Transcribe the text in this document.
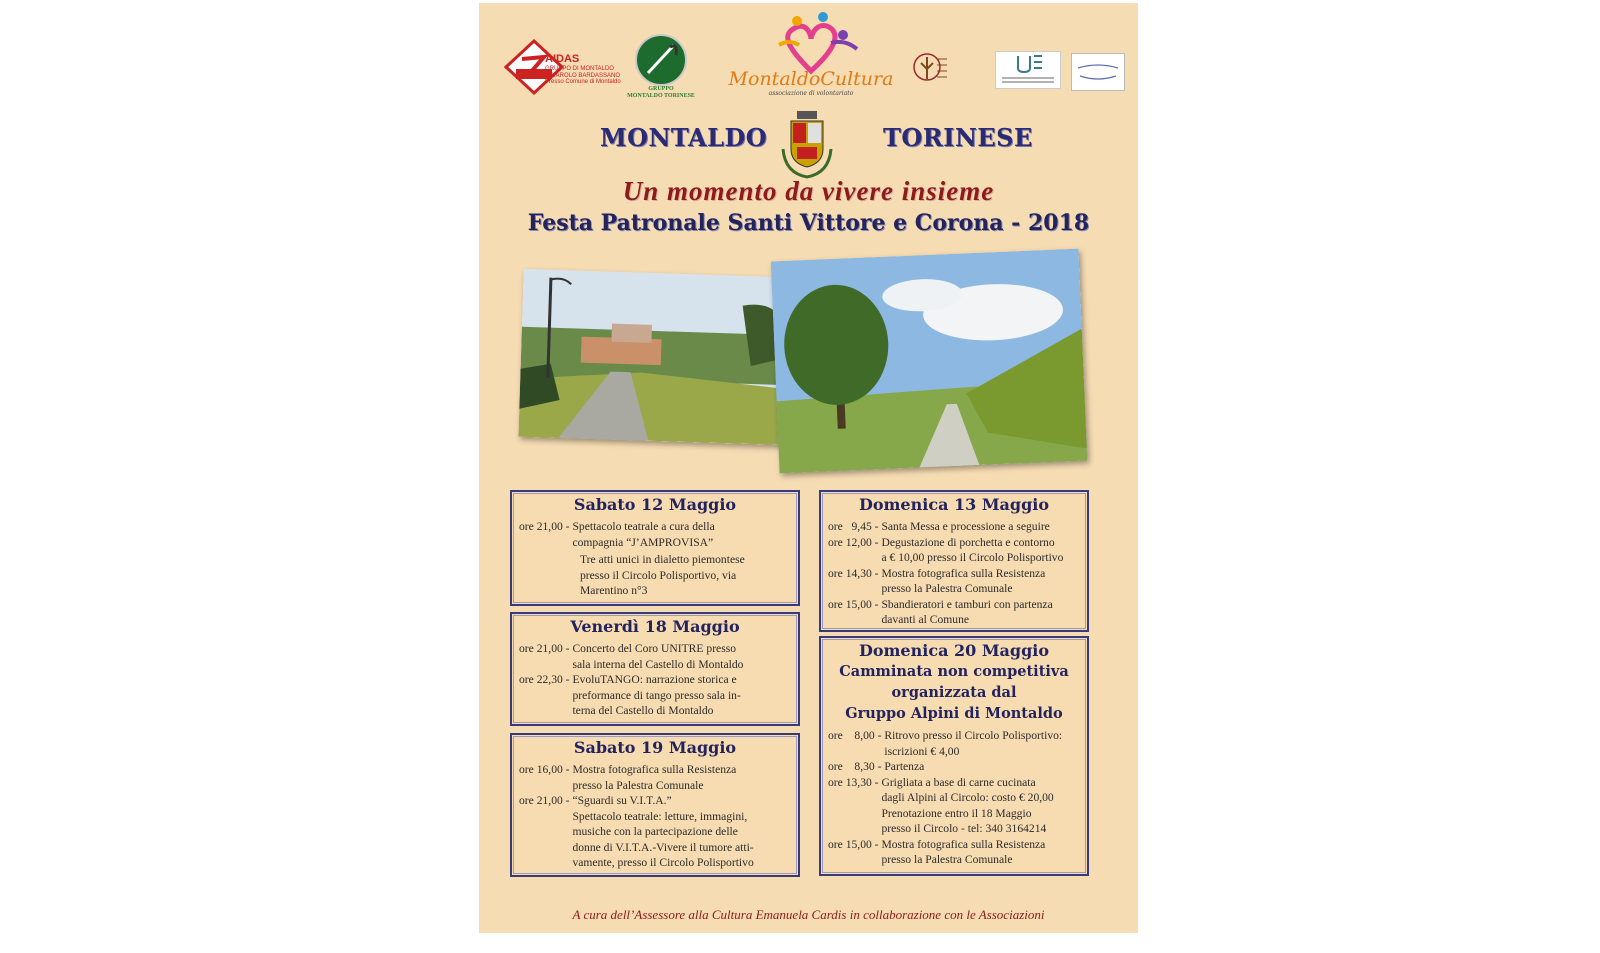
AIDAS
GRUPPO DI MONTALDO
PAVAROLO BARDASSANO
Presso Comune di Montaldo
GRUPPO
MONTALDO TORINESE
MontaldoCultura
associazione di volontariato
MONTALDO	TORINESE
Un momento da vivere insieme
Festa Patronale Santi Vittore e Corona - 2018
Sabato 12 Maggio
ore 21,00 - Spettacolo teatrale a cura della
compagnia “J’AMPROVISA”
Tre atti unici in dialetto piemontese
presso il Circolo Polisportivo, via
Marentino n°3
Venerdì 18 Maggio
ore 21,00 - Concerto del Coro UNITRE presso
sala interna del Castello di Montaldo
ore 22,30 - EvoluTANGO: narrazione storica e
preformance di tango presso sala in-
terna del Castello di Montaldo
Sabato 19 Maggio
ore 16,00 - Mostra fotografica sulla Resistenza
presso la Palestra Comunale
ore 21,00 - “Sguardi su V.I.T.A.”
Spettacolo teatrale: letture, immagini,
musiche con la partecipazione delle
donne di V.I.T.A.-Vivere il tumore atti-
vamente, presso il Circolo Polisportivo
Domenica 13 Maggio
ore   9,45 - Santa Messa e processione a seguire
ore 12,00 - Degustazione di porchetta e contorno
a € 10,00 presso il Circolo Polisportivo
ore 14,30 - Mostra fotografica sulla Resistenza
presso la Palestra Comunale
ore 15,00 - Sbandieratori e tamburi con partenza
davanti al Comune
Domenica 20 Maggio
Camminata non competitiva
organizzata dal
Gruppo Alpini di Montaldo
ore    8,00 - Ritrovo presso il Circolo Polisportivo:
iscrizioni € 4,00
ore    8,30 - Partenza
ore 13,30 - Grigliata a base di carne cucinata
dagli Alpini al Circolo: costo € 20,00
Prenotazione entro il 18 Maggio
presso il Circolo - tel: 340 3164214
ore 15,00 - Mostra fotografica sulla Resistenza
presso la Palestra Comunale
A cura dell’Assessore alla Cultura Emanuela Cardis in collaborazione con le Associazioni
